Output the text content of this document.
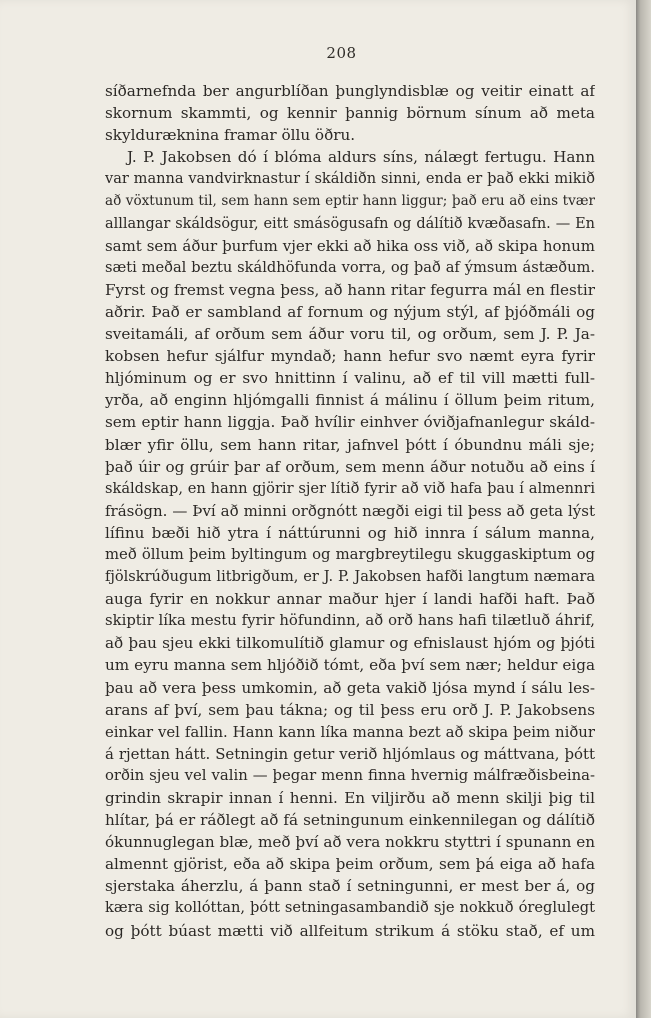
208
síðarnefnda ber angurblíðan þunglyndisblæ og veitir einatt af
skornum skammti, og kennir þannig börnum sínum að meta
skylduræknina framar öllu öðru.
J. P. Jakobsen dó í blóma aldurs síns, nálægt fertugu. Hann
var manna vandvirknastur í skáldiðn sinni, enda er það ekki mikið
að vöxtunum til, sem hann sem eptir hann liggur; það eru að eins tvær
alllangar skáldsögur, eitt smásögusafn og dálítið kvæðasafn. — En
samt sem áður þurfum vjer ekki að hika oss við, að skipa honum
sæti meðal beztu skáldhöfunda vorra, og það af ýmsum ástæðum.
Fyrst og fremst vegna þess, að hann ritar fegurra mál en flestir
aðrir. Það er sambland af fornum og nýjum stýl, af þjóðmáli og
sveitamáli, af orðum sem áður voru til, og orðum, sem J. P. Ja-
kobsen hefur sjálfur myndað; hann hefur svo næmt eyra fyrir
hljóminum og er svo hnittinn í valinu, að ef til vill mætti full-
yrða, að enginn hljómgalli finnist á málinu í öllum þeim ritum,
sem eptir hann liggja. Það hvílir einhver óviðjafnanlegur skáld-
blær yfir öllu, sem hann ritar, jafnvel þótt í óbundnu máli sje;
það úir og grúir þar af orðum, sem menn áður notuðu að eins í
skáldskap, en hann gjörir sjer lítið fyrir að við hafa þau í almennri
frásögn. — Því að minni orðgnótt nægði eigi til þess að geta lýst
lífinu bæði hið ytra í náttúrunni og hið innra í sálum manna,
með öllum þeim byltingum og margbreytilegu skuggaskiptum og
fjölskrúðugum litbrigðum, er J. P. Jakobsen hafði langtum næmara
auga fyrir en nokkur annar maður hjer í landi hafði haft. Það
skiptir líka mestu fyrir höfundinn, að orð hans hafi tilætluð áhrif,
að þau sjeu ekki tilkomulítið glamur og efnislaust hjóm og þjóti
um eyru manna sem hljóðið tómt, eða því sem nær; heldur eiga
þau að vera þess umkomin, að geta vakið ljósa mynd í sálu les-
arans af því, sem þau tákna; og til þess eru orð J. P. Jakobsens
einkar vel fallin. Hann kann líka manna bezt að skipa þeim niður
á rjettan hátt. Setningin getur verið hljómlaus og máttvana, þótt
orðin sjeu vel valin — þegar menn finna hvernig málfræðisbeina-
grindin skrapir innan í henni. En viljirðu að menn skilji þig til
hlítar, þá er ráðlegt að fá setningunum einkennilegan og dálítið
ókunnuglegan blæ, með því að vera nokkru styttri í spunann en
almennt gjörist, eða að skipa þeim orðum, sem þá eiga að hafa
sjerstaka áherzlu, á þann stað í setningunni, er mest ber á, og
kæra sig kollóttan, þótt setningasambandið sje nokkuð óreglulegt
og þótt búast mætti við allfeitum strikum á stöku stað, ef um
